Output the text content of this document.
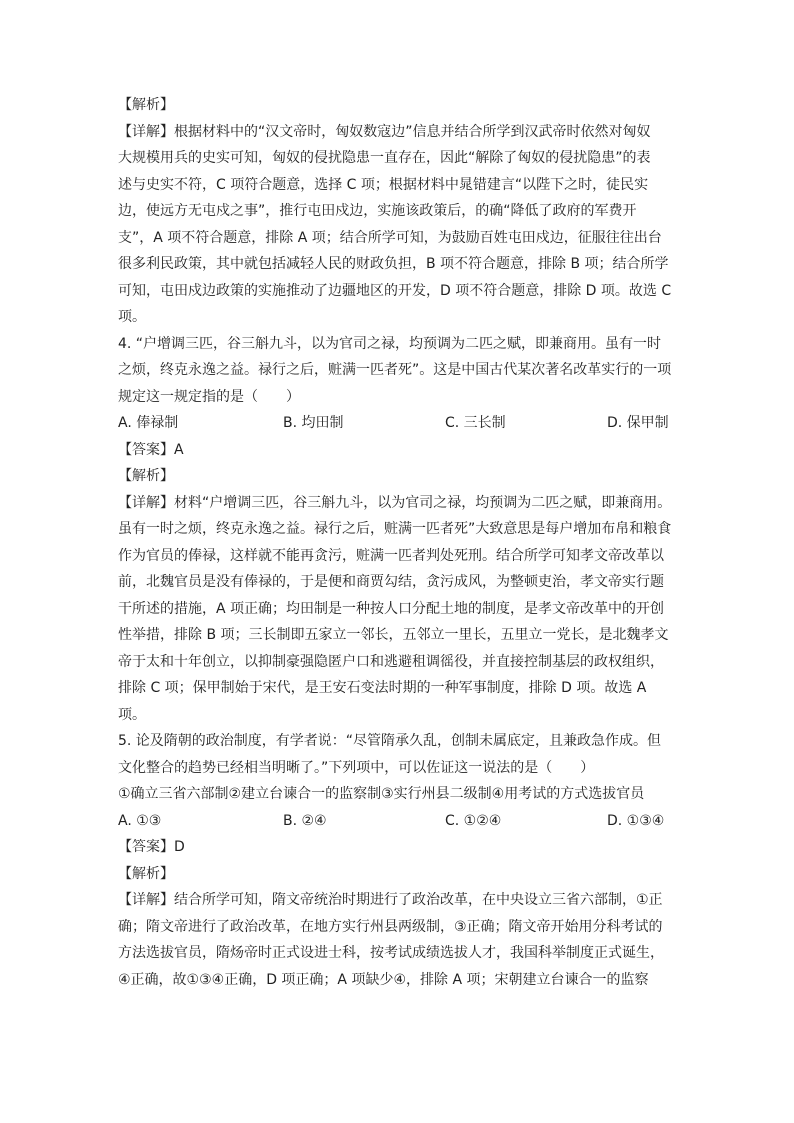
【解析】
【详解】根据材料中的“汉文帝时，匈奴数寇边”信息并结合所学到汉武帝时依然对匈奴
大规模用兵的史实可知，匈奴的侵扰隐患一直存在，因此“解除了匈奴的侵扰隐患”的表
述与史实不符，C 项符合题意，选择 C 项；根据材料中晁错建言“以陛下之时，徒民实
边，使远方无屯戍之事”，推行屯田戍边，实施该政策后，的确“降低了政府的军费开
支”，A 项不符合题意，排除 A 项；结合所学可知，为鼓励百姓屯田戍边，征服往往出台
很多利民政策，其中就包括减轻人民的财政负担，B 项不符合题意，排除 B 项；结合所学
可知，屯田戍边政策的实施推动了边疆地区的开发，D 项不符合题意，排除 D 项。故选 C
项。
4. “户增调三匹，谷三斛九斗，以为官司之禄，均预调为二匹之赋，即兼商用。虽有一时
之烦，终克永逸之益。禄行之后，赃满一匹者死”。这是中国古代某次著名改革实行的一项
规定这一规定指的是（　　）
A. 俸禄制	B. 均田制	C. 三长制	D. 保甲制
【答案】A
【解析】
【详解】材料“户增调三匹，谷三斛九斗，以为官司之禄，均预调为二匹之赋，即兼商用。
虽有一时之烦，终克永逸之益。禄行之后，赃满一匹者死”大致意思是每户增加布帛和粮食
作为官员的俸禄，这样就不能再贪污，赃满一匹者判处死刑。结合所学可知孝文帝改革以
前，北魏官员是没有俸禄的，于是便和商贾勾结，贪污成风，为整顿吏治，孝文帝实行题
干所述的措施，A 项正确；均田制是一种按人口分配土地的制度，是孝文帝改革中的开创
性举措，排除 B 项；三长制即五家立一邻长，五邻立一里长，五里立一党长，是北魏孝文
帝于太和十年创立，以抑制豪强隐匿户口和逃避租调徭役，并直接控制基层的政权组织，
排除 C 项；保甲制始于宋代，是王安石变法时期的一种军事制度，排除 D 项。故选 A
项。
5. 论及隋朝的政治制度，有学者说：“尽管隋承久乱，创制未属底定，且兼政急作成。但
文化整合的趋势已经相当明晰了。”下列项中，可以佐证这一说法的是（　　）
①确立三省六部制②建立台谏合一的监察制③实行州县二级制④用考试的方式选拔官员
A. ①③	B. ②④	C. ①②④	D. ①③④
【答案】D
【解析】
【详解】结合所学可知，隋文帝统治时期进行了政治改革，在中央设立三省六部制，①正
确；隋文帝进行了政治改革，在地方实行州县两级制，③正确；隋文帝开始用分科考试的
方法选拔官员，隋炀帝时正式设进士科，按考试成绩选拔人才，我国科举制度正式诞生，
④正确，故①③④正确，D 项正确；A 项缺少④，排除 A 项；宋朝建立台谏合一的监察
